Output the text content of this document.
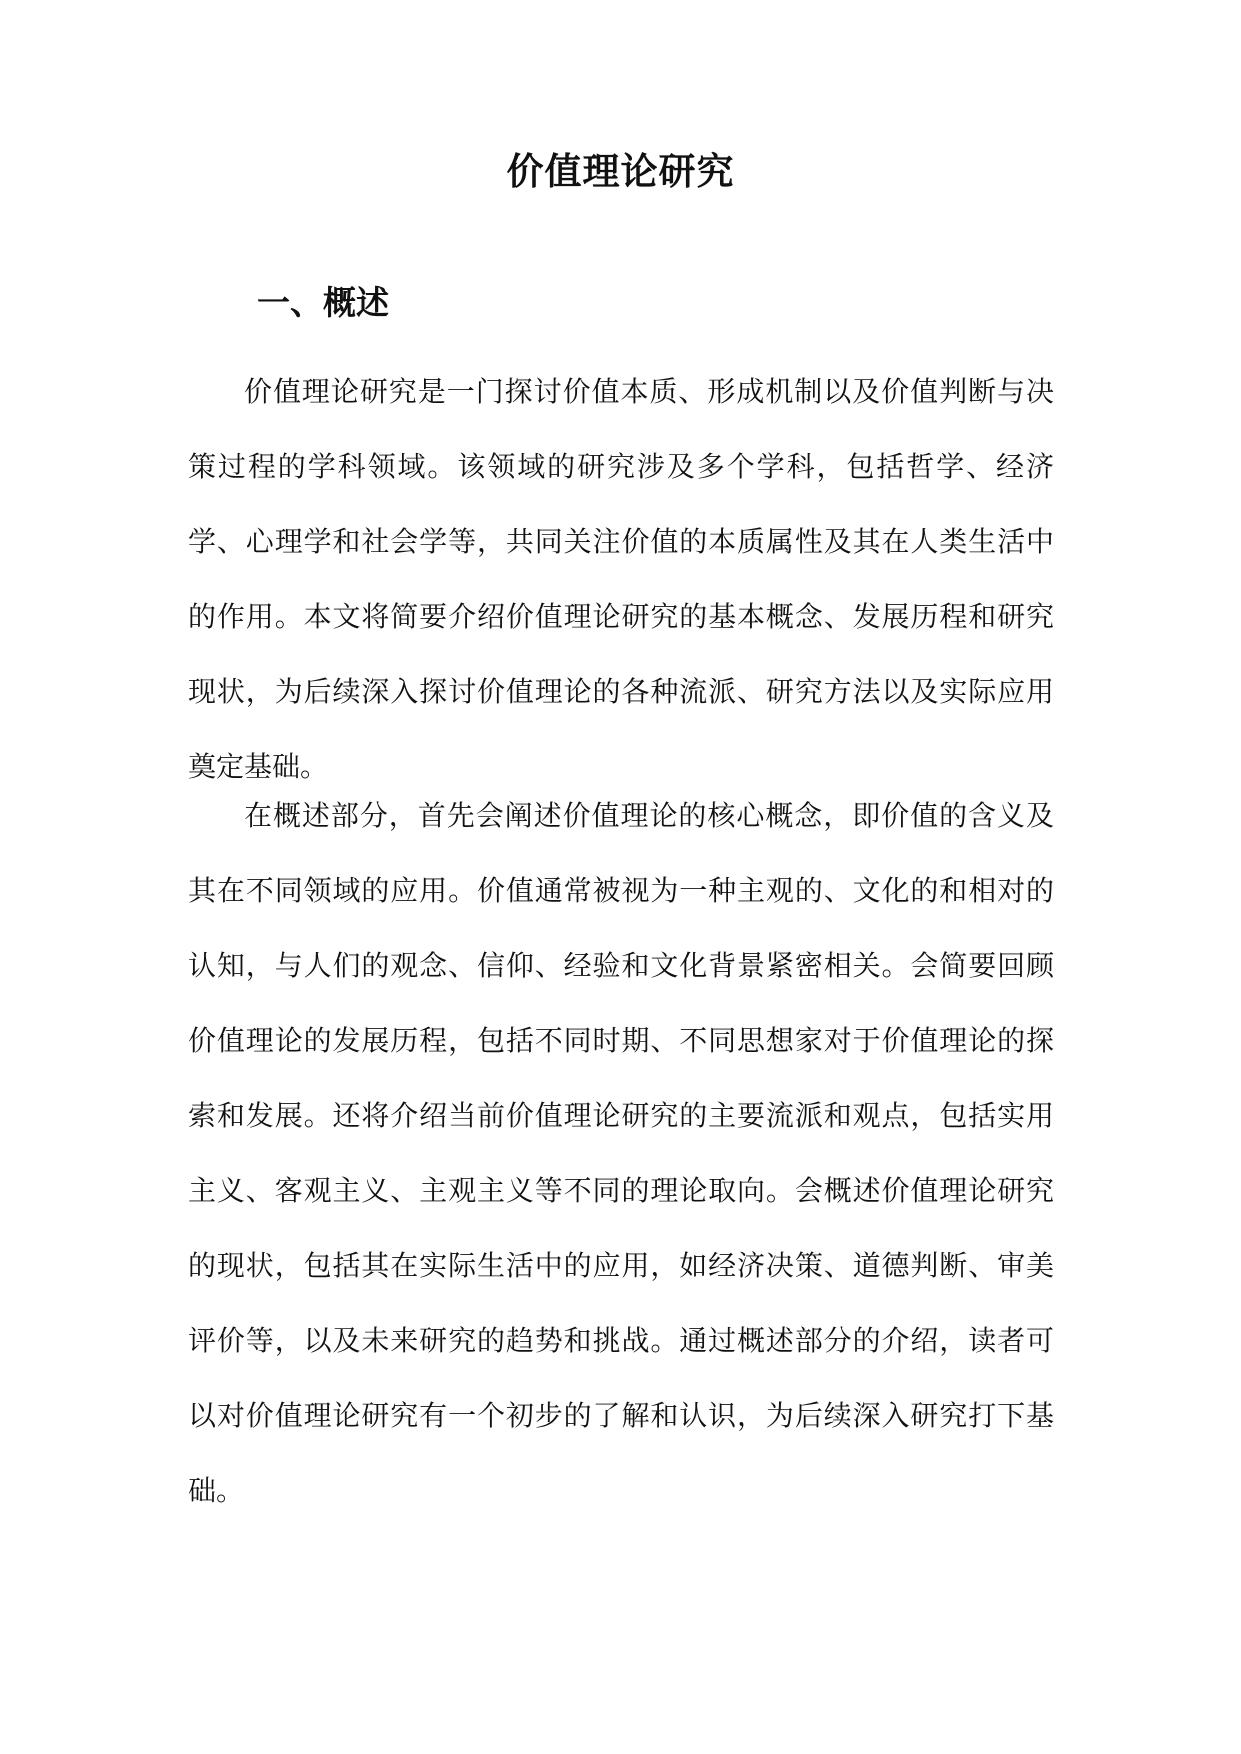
价值理论研究
一、概述

价值理论研究是一门探讨价值本质、形成机制以及价值判断与决策过程的学科领域。该领域的研究涉及多个学科，包括哲学、经济学、心理学和社会学等，共同关注价值的本质属性及其在人类生活中的作用。本文将简要介绍价值理论研究的基本概念、发展历程和研究现状，为后续深入探讨价值理论的各种流派、研究方法以及实际应用奠定基础。

在概述部分，首先会阐述价值理论的核心概念，即价值的含义及其在不同领域的应用。价值通常被视为一种主观的、文化的和相对的认知，与人们的观念、信仰、经验和文化背景紧密相关。会简要回顾价值理论的发展历程，包括不同时期、不同思想家对于价值理论的探索和发展。还将介绍当前价值理论研究的主要流派和观点，包括实用主义、客观主义、主观主义等不同的理论取向。会概述价值理论研究的现状，包括其在实际生活中的应用，如经济决策、道德判断、审美评价等，以及未来研究的趋势和挑战。通过概述部分的介绍，读者可以对价值理论研究有一个初步的了解和认识，为后续深入研究打下基础。
